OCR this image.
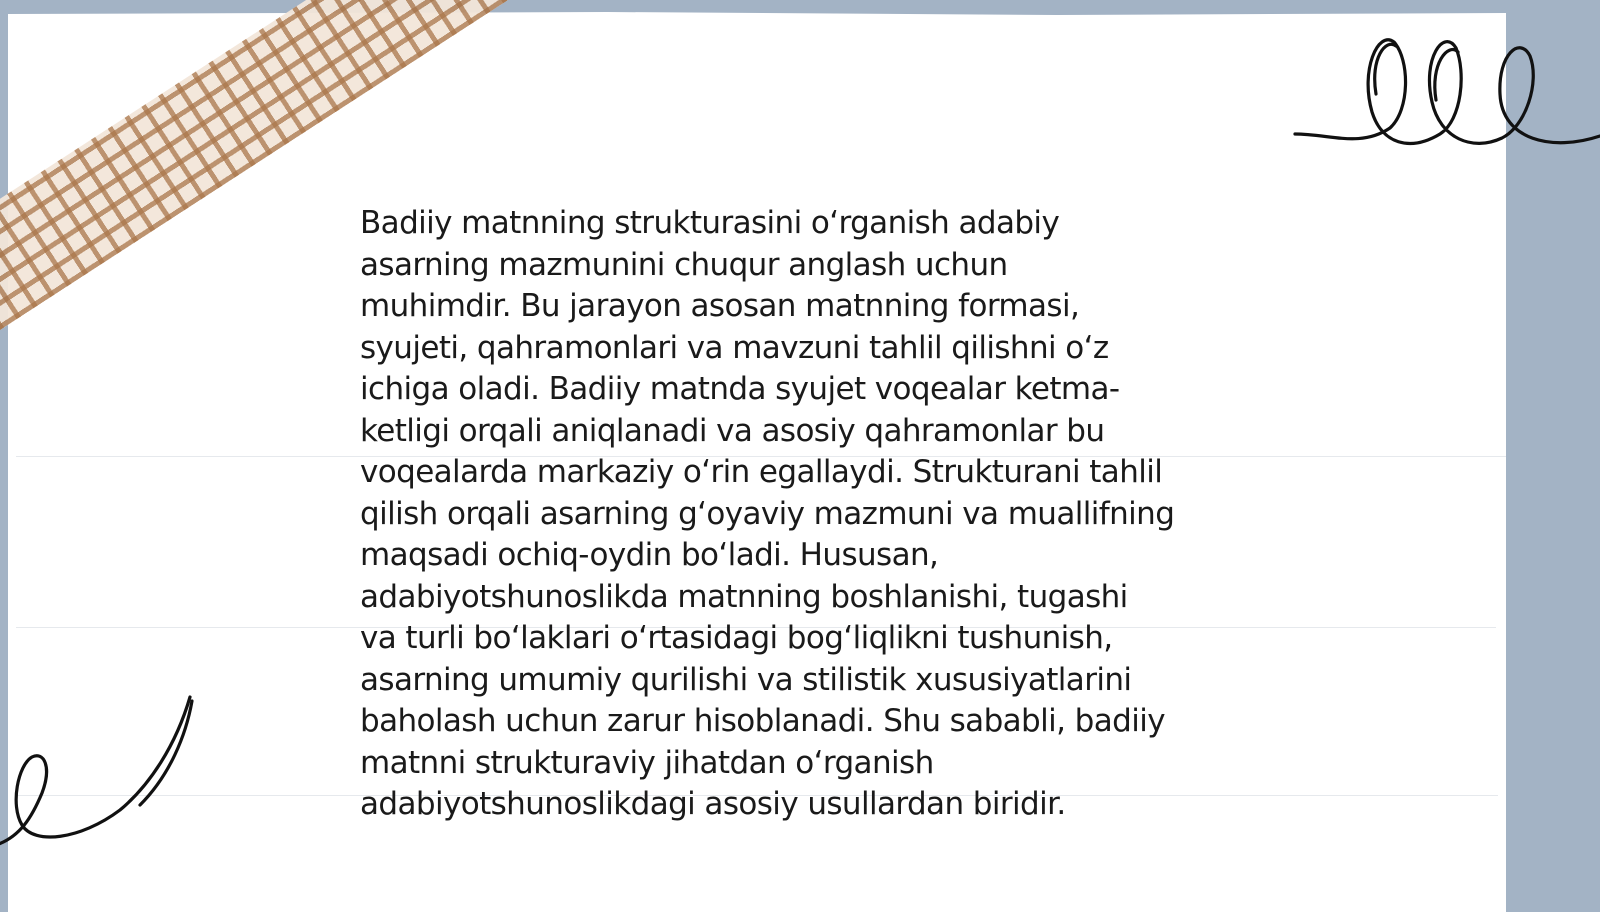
Badiiy matnning strukturasini o‘rganish adabiy
asarning mazmunini chuqur anglash uchun
muhimdir. Bu jarayon asosan matnning formasi,
syujeti, qahramonlari va mavzuni tahlil qilishni o‘z
ichiga oladi. Badiiy matnda syujet voqealar ketma-
ketligi orqali aniqlanadi va asosiy qahramonlar bu
voqealarda markaziy o‘rin egallaydi. Strukturani tahlil
qilish orqali asarning g‘oyaviy mazmuni va muallifning
maqsadi ochiq-oydin bo‘ladi. Hususan,
adabiyotshunoslikda matnning boshlanishi, tugashi
va turli bo‘laklari o‘rtasidagi bog‘liqlikni tushunish,
asarning umumiy qurilishi va stilistik xususiyatlarini
baholash uchun zarur hisoblanadi. Shu sababli, badiiy
matnni strukturaviy jihatdan o‘rganish
adabiyotshunoslikdagi asosiy usullardan biridir.
